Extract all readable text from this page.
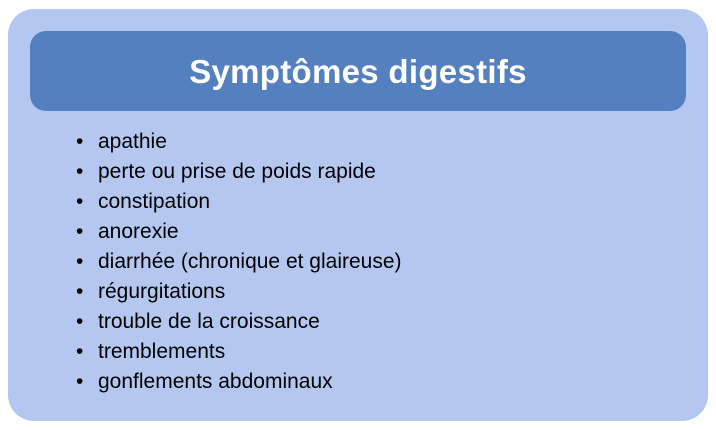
Symptômes digestifs
• apathie
• perte ou prise de poids rapide
• constipation
• anorexie
• diarrhée (chronique et glaireuse)
• régurgitations
• trouble de la croissance
• tremblements
• gonflements abdominaux
